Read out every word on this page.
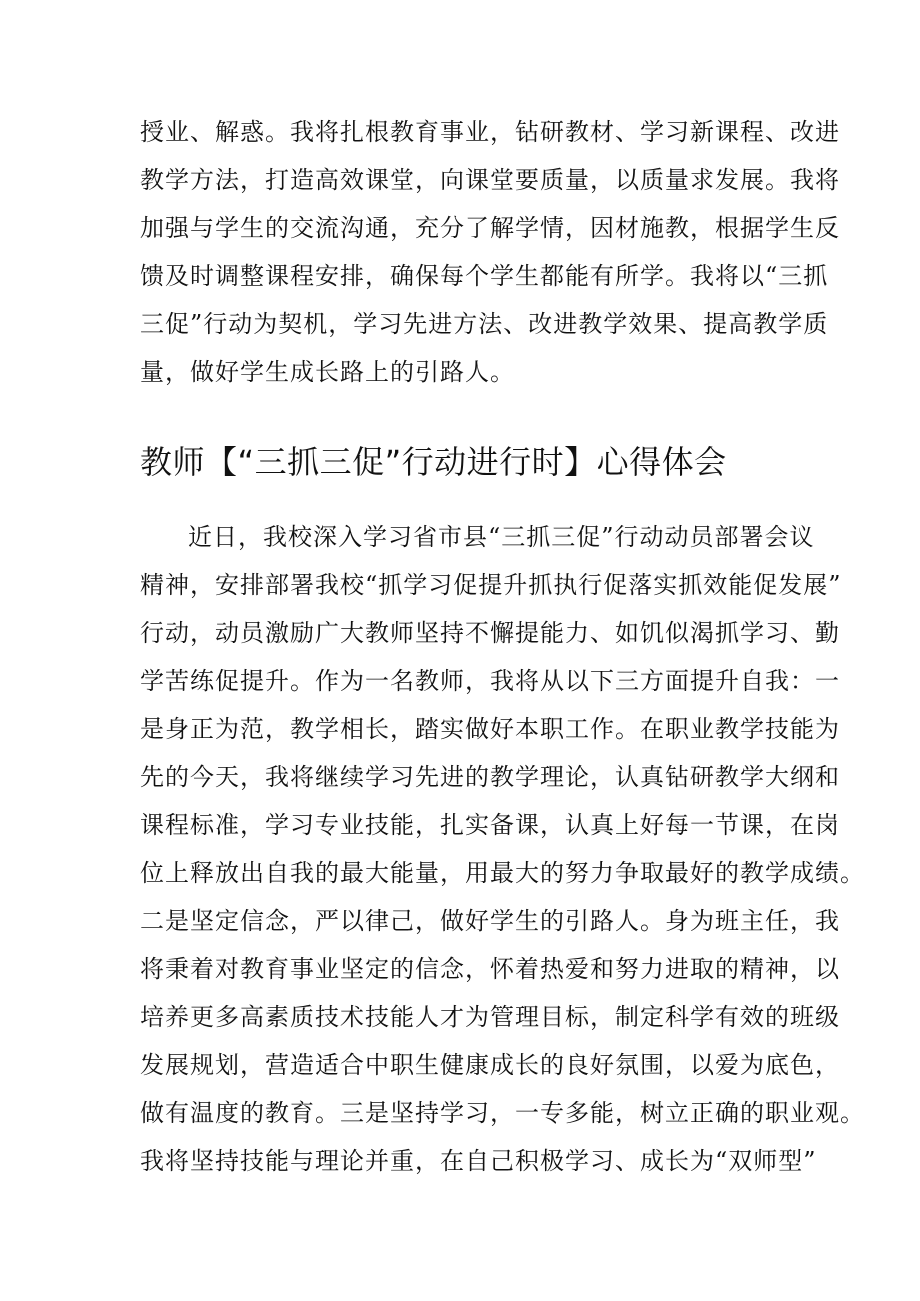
授业、解惑。我将扎根教育事业，钻研教材、学习新课程、改进
教学方法，打造高效课堂，向课堂要质量，以质量求发展。我将
加强与学生的交流沟通，充分了解学情，因材施教，根据学生反
馈及时调整课程安排，确保每个学生都能有所学。我将以“三抓
三促”行动为契机，学习先进方法、改进教学效果、提高教学质
量，做好学生成长路上的引路人。
教师【“三抓三促”行动进行时】心得体会
近日，我校深入学习省市县“三抓三促”行动动员部署会议
精神，安排部署我校“抓学习促提升抓执行促落实抓效能促发展”
行动，动员激励广大教师坚持不懈提能力、如饥似渴抓学习、勤
学苦练促提升。作为一名教师，我将从以下三方面提升自我：一
是身正为范，教学相长，踏实做好本职工作。在职业教学技能为
先的今天，我将继续学习先进的教学理论，认真钻研教学大纲和
课程标准，学习专业技能，扎实备课，认真上好每一节课，在岗
位上释放出自我的最大能量，用最大的努力争取最好的教学成绩。
二是坚定信念，严以律己，做好学生的引路人。身为班主任，我
将秉着对教育事业坚定的信念，怀着热爱和努力进取的精神，以
培养更多高素质技术技能人才为管理目标，制定科学有效的班级
发展规划，营造适合中职生健康成长的良好氛围，以爱为底色，
做有温度的教育。三是坚持学习，一专多能，树立正确的职业观。
我将坚持技能与理论并重，在自己积极学习、成长为“双师型”
